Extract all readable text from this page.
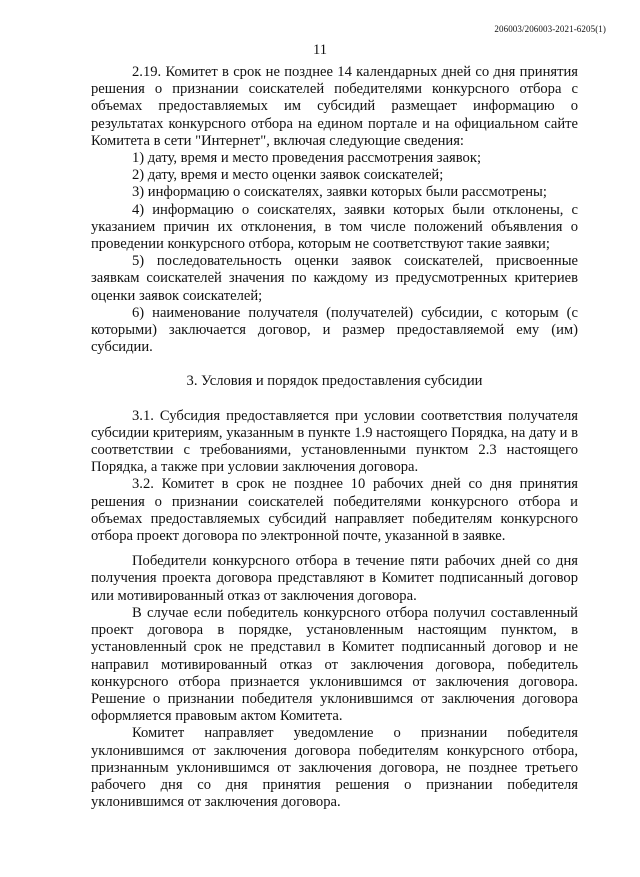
206003/206003-2021-6205(1)
11

2.19. Комитет в срок не позднее 14 календарных дней со дня принятия решения о признании соискателей победителями конкурсного отбора с объемах предоставляемых им субсидий размещает информацию о результатах конкурсного отбора на едином портале и на официальном сайте Комитета в сети "Интернет", включая следующие сведения:

1) дату, время и место проведения рассмотрения заявок;

2) дату, время и место оценки заявок соискателей;

3) информацию о соискателях, заявки которых были рассмотрены;

4) информацию о соискателях, заявки которых были отклонены, с указанием причин их отклонения, в том числе положений объявления о проведении конкурсного отбора, которым не соответствуют такие заявки;

5) последовательность оценки заявок соискателей, присвоенные заявкам соискателей значения по каждому из предусмотренных критериев оценки заявок соискателей;

6) наименование получателя (получателей) субсидии, с которым (с которыми) заключается договор, и размер предоставляемой ему (им) субсидии.

3. Условия и порядок предоставления субсидии

3.1. Субсидия предоставляется при условии соответствия получателя субсидии критериям, указанным в пункте 1.9 настоящего Порядка, на дату и в соответствии с требованиями, установленными пунктом 2.3 настоящего Порядка, а также при условии заключения договора.

3.2. Комитет в срок не позднее 10 рабочих дней со дня принятия решения о признании соискателей победителями конкурсного отбора и объемах предоставляемых субсидий направляет победителям конкурсного отбора проект договора по электронной почте, указанной в заявке.

Победители конкурсного отбора в течение пяти рабочих дней со дня получения проекта договора представляют в Комитет подписанный договор или мотивированный отказ от заключения договора.

В случае если победитель конкурсного отбора получил составленный проект договора в порядке, установленным настоящим пунктом, в установленный срок не представил в Комитет подписанный договор и не направил мотивированный отказ от заключения договора, победитель конкурсного отбора признается уклонившимся от заключения договора. Решение о признании победителя уклонившимся от заключения договора оформляется правовым актом Комитета.

Комитет направляет уведомление о признании победителя уклонившимся от заключения договора победителям конкурсного отбора, признанным уклонившимся от заключения договора, не позднее третьего рабочего дня со дня принятия решения о признании победителя уклонившимся от заключения договора.
